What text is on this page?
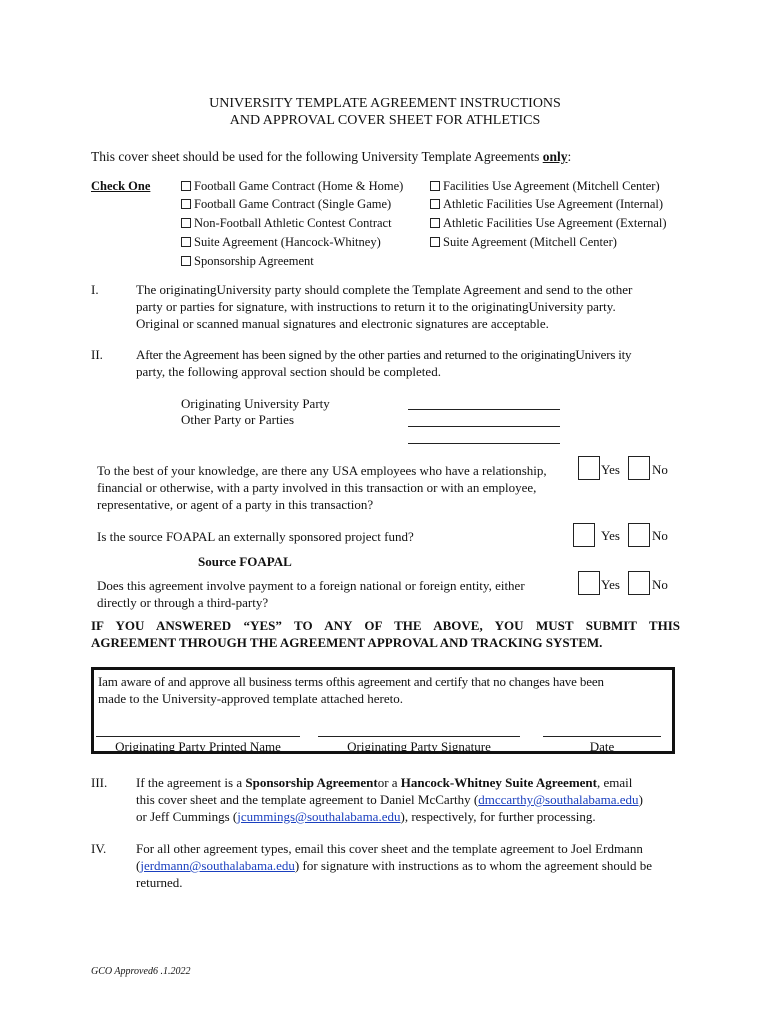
UNIVERSITY TEMPLATE AGREEMENT INSTRUCTIONS
AND APPROVAL COVER SHEET FOR ATHLETICS
This cover sheet should be used for the following University Template Agreements only:
Check One	Football Game Contract (Home & Home)
Football Game Contract (Single Game)
Non-Football Athletic Contest Contract
Suite Agreement (Hancock-Whitney)
Sponsorship Agreement
Facilities Use Agreement (Mitchell Center)
Athletic Facilities Use Agreement (Internal)
Athletic Facilities Use Agreement (External)
Suite Agreement (Mitchell Center)
I.	The originatingUniversity party should complete the Template Agreement and send to the other
party or parties for signature, with instructions to return it to the originatingUniversity party.
Original or scanned manual signatures and electronic signatures are acceptable.
II.	After the Agreement has been signed by the other parties and returned to the originatingUnivers ity
party, the following approval section should be completed.
Originating University Party
Other Party or Parties
To the best of your knowledge, are there any USA employees who have a relationship,
financial or otherwise, with a party involved in this transaction or with an employee,
representative, or agent of a party in this transaction?
Yes No
Is the source FOAPAL an externally sponsored project fund?	Yes No
Source FOAPAL
Does this agreement involve payment to a foreign national or foreign entity, either
directly or through a third-party?
Yes No
IF YOU ANSWERED “YES” TO ANY OF THE ABOVE, YOU MUST SUBMIT THIS
AGREEMENT THROUGH THE AGREEMENT APPROVAL AND TRACKING SYSTEM.
Iam aware of and approve all business terms ofthis agreement and certify that no changes have been
made to the University-approved template attached hereto.
Originating Party Printed Name	Originating Party Signature	Date
III. If the agreement is a Sponsorship Agreementor a Hancock-Whitney Suite Agreement, email
this cover sheet and the template agreement to Daniel McCarthy (dmccarthy@southalabama.edu)
or Jeff Cummings (jcummings@southalabama.edu), respectively, for further processing.
IV. For all other agreement types, email this cover sheet and the template agreement to Joel Erdmann
(jerdmann@southalabama.edu) for signature with instructions as to whom the agreement should be
returned.
GCO Approved6 .1.2022
